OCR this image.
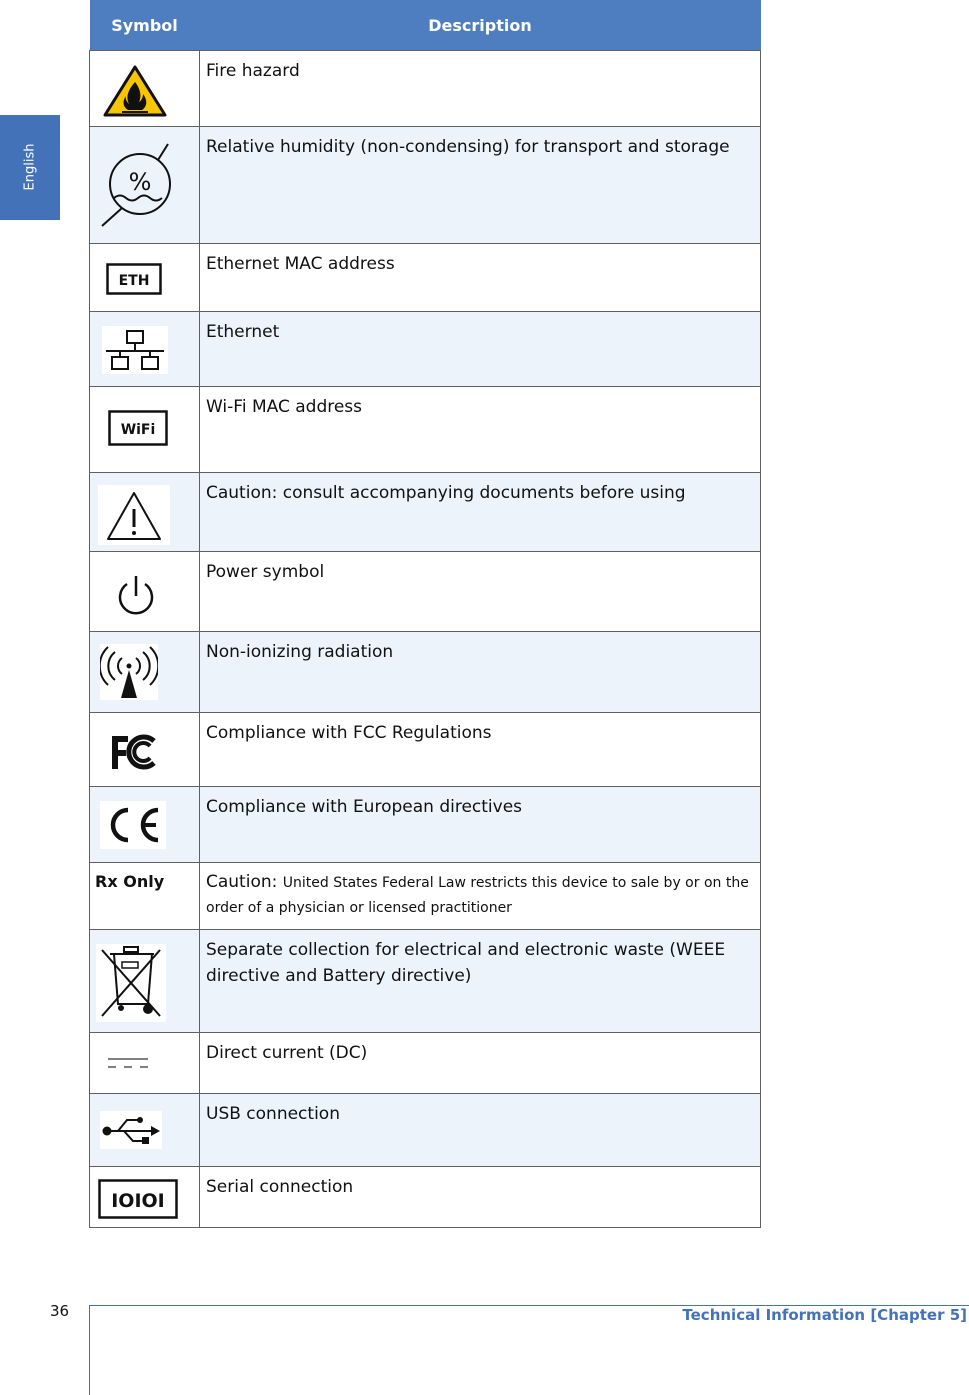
English
Symbol	Description

	Fire hazard

%	Relative humidity (non-condensing) for transport and storage

ETH	Ethernet MAC address

	Ethernet

WiFi	Wi-Fi MAC address

	Caution: consult accompanying documents before using

	Power symbol

	Non-ionizing radiation

	Compliance with FCC Regulations

	Compliance with European directives

Rx Only	Caution: United States Federal Law restricts this device to sale by or on the order of a physician or licensed practitioner

	Separate collection for electrical and electronic waste (WEEE directive and Battery directive)

	Direct current (DC)

	USB connection

IOIOI	Serial connection
36	Technical Information [Chapter 5]
